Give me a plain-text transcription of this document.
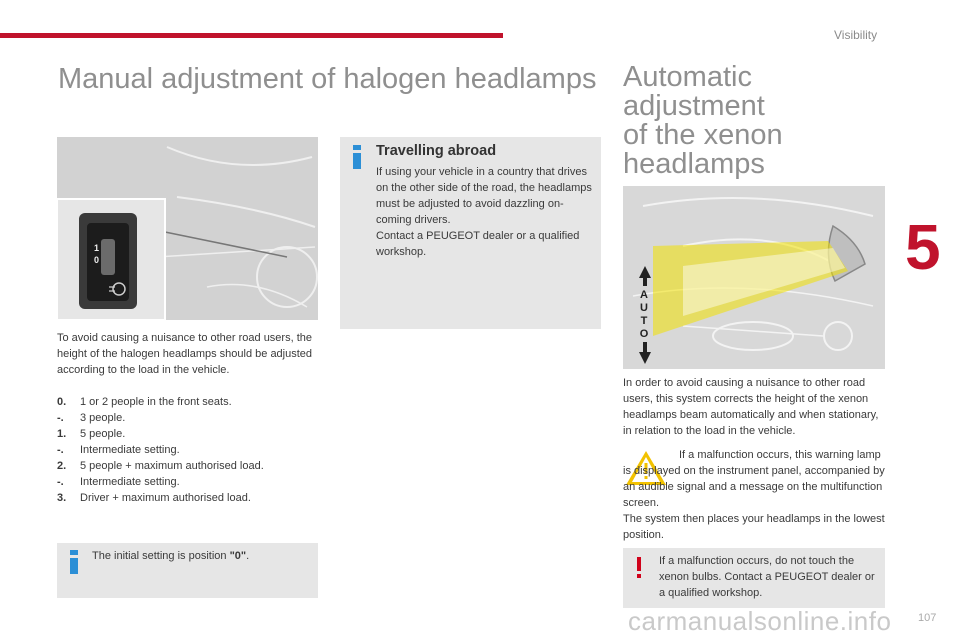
Visibility
5
107
Manual adjustment of halogen headlamps
1
0
To avoid causing a nuisance to other road users, the height of the halogen headlamps should be adjusted according to the load in the vehicle.
0.	1 or 2 people in the front seats.
-.	3 people.
1.	5 people.
-.	Intermediate setting.
2.	5 people + maximum authorised load.
-.	Intermediate setting.
3.	Driver + maximum authorised load.
The initial setting is position "0".
Travelling abroad
If using your vehicle in a country that drives on the other side of the road, the headlamps must be adjusted to avoid dazzling on-coming drivers.
Contact a PEUGEOT dealer or a qualified workshop.
Automatic
adjustment
of the xenon
headlamps
AUTO
In order to avoid causing a nuisance to other road users, this system corrects the height of the xenon headlamps beam automatically and when stationary, in relation to the load in the vehicle.
If a malfunction occurs, this warning lamp is displayed on the instrument panel, accompanied by an audible signal and a message on the multifunction screen.
The system then places your headlamps in the lowest position.
If a malfunction occurs, do not touch the xenon bulbs. Contact a PEUGEOT dealer or a qualified workshop.
carmanualsonline.info
